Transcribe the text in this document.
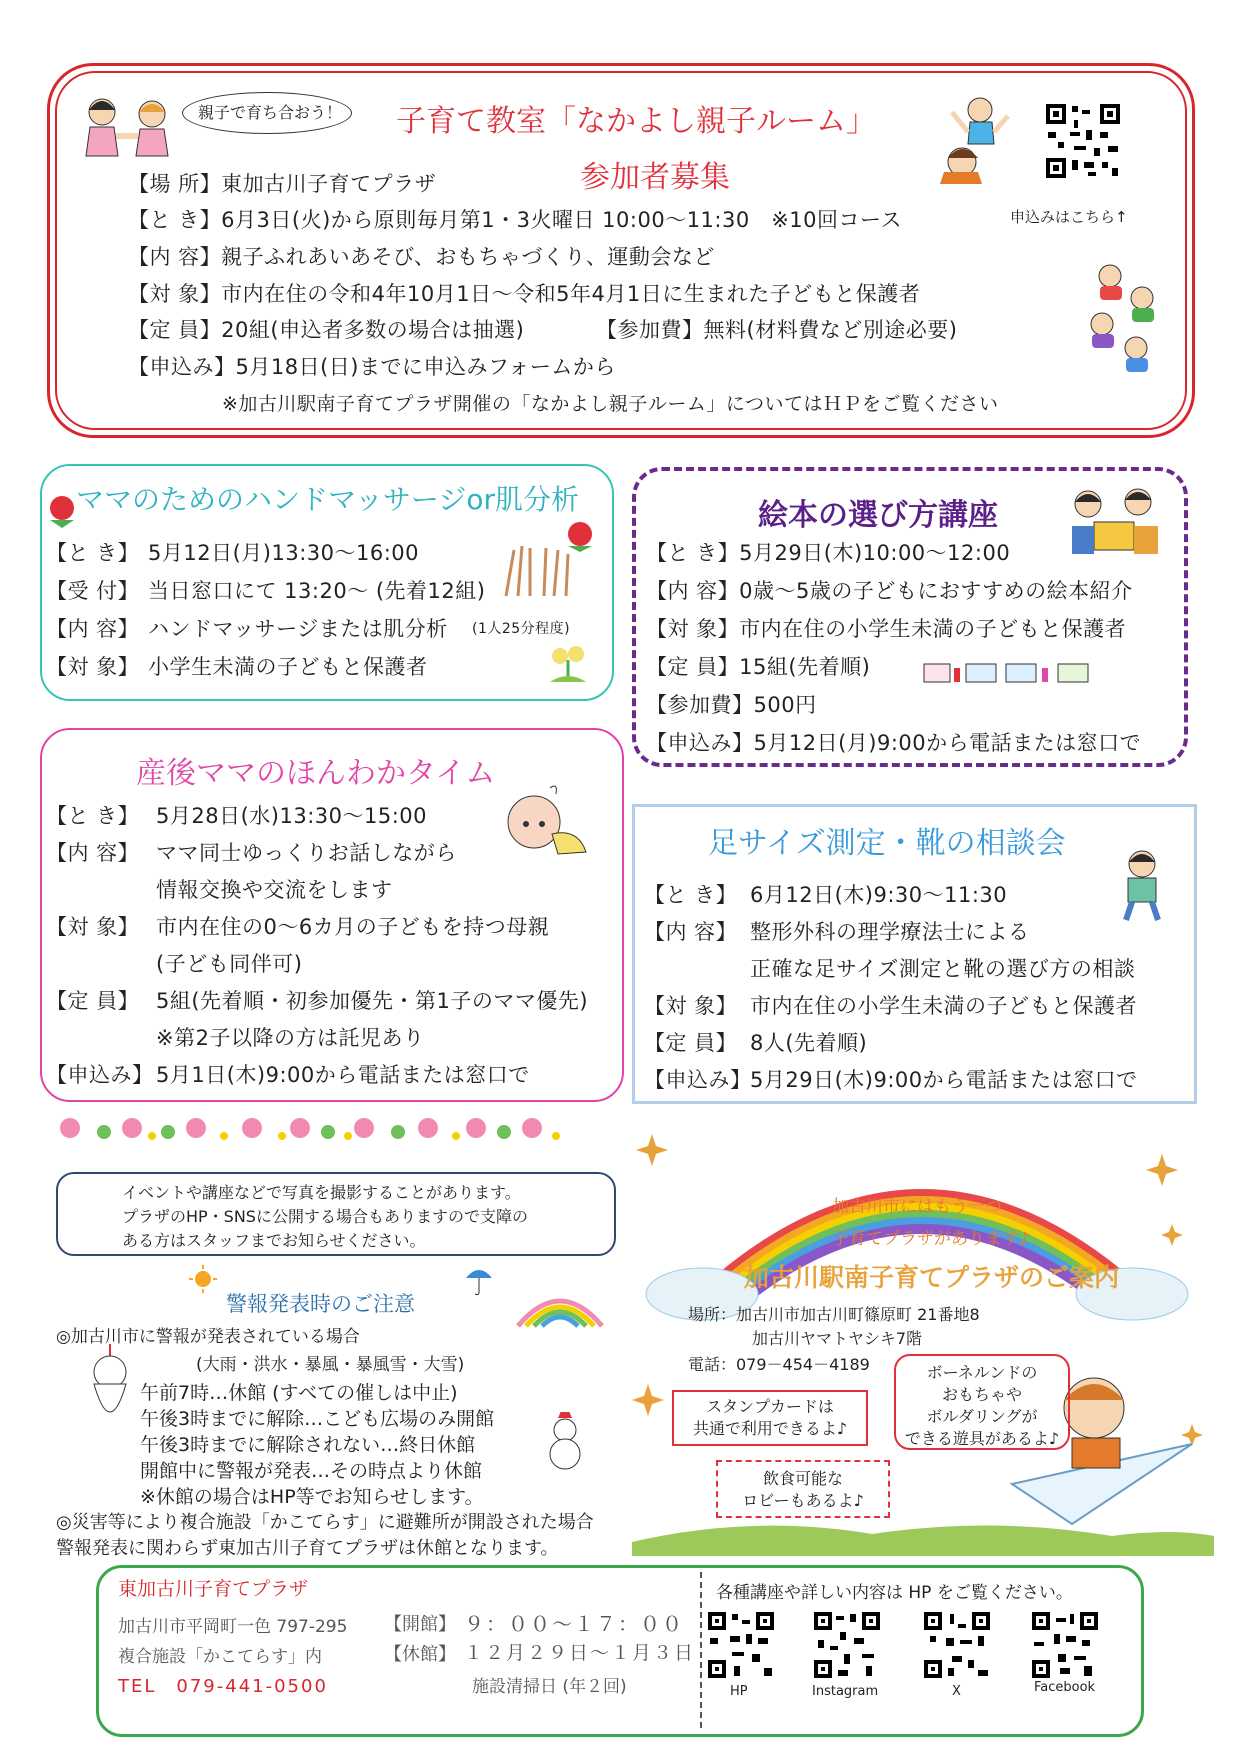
親子で育ち合おう！ 子育て教室「なかよし親子ルーム」
参加者募集
申込みはこちら↑
【場 所】東加古川子育てプラザ
【と き】6月3日(火)から原則毎月第1・3火曜日 10:00～11:30　※10回コース
【内 容】親子ふれあいあそび、おもちゃづくり、運動会など
【対 象】市内在住の令和4年10月1日～令和5年4月1日に生まれた子どもと保護者
【定 員】20組(申込者多数の場合は抽選)	【参加費】無料(材料費など別途必要)
【申込み】5月18日(日)までに申込みフォームから
※加古川駅南子育てプラザ開催の「なかよし親子ルーム」についてはＨＰをご覧ください
ママのためのハンドマッサージor肌分析
【と き】 5月12日(月)13:30～16:00
【受 付】 当日窓口にて 13:20～ (先着12組)
【内 容】 ハンドマッサージまたは肌分析 (1人25分程度)
【対 象】 小学生未満の子どもと保護者
絵本の選び方講座
【と き】5月29日(木)10:00～12:00
【内 容】0歳～5歳の子どもにおすすめの絵本紹介
【対 象】市内在住の小学生未満の子どもと保護者
【定 員】15組(先着順)
【参加費】500円
【申込み】5月12日(月)9:00から電話または窓口で
産後ママのほんわかタイム
【と き】 5月28日(水)13:30～15:00
【内 容】 ママ同士ゆっくりお話しながら
情報交換や交流をします
【対 象】 市内在住の0～6カ月の子どもを持つ母親
(子ども同伴可)
【定 員】 5組(先着順・初参加優先・第1子のママ優先)
※第2子以降の方は託児あり
【申込み】 5月1日(木)9:00から電話または窓口で
足サイズ測定・靴の相談会
【と き】 6月12日(木)9:30～11:30
【内 容】 整形外科の理学療法士による
正確な足サイズ測定と靴の選び方の相談
【対 象】 市内在住の小学生未満の子どもと保護者
【定 員】 8人(先着順)
【申込み】
5月29日(木)9:00から電話または窓口で
イベントや講座などで写真を撮影することがあります。
プラザのHP・SNSに公開する場合もありますので支障の
ある方はスタッフまでお知らせください。
警報発表時のご注意
◎加古川市に警報が発表されている場合
(大雨・洪水・暴風・暴風雪・大雪)
午前7時…休館 (すべての催しは中止)
午後3時までに解除…こども広場のみ開館
午後3時までに解除されない…終日休館
開館中に警報が発表…その時点より休館
※休館の場合はHP等でお知らせします。
◎災害等により複合施設「かこてらす」に避難所が開設された場合
警報発表に関わらず東加古川子育てプラザは休館となります。
加古川市にはもう一つ
子育てプラザがあります♪
加古川駅南子育てプラザのご案内
場所：加古川市加古川町篠原町 21番地8
加古川ヤマトヤシキ7階
電話：079－454－4189	ボーネルンドの
おもちゃや
ボルダリングが
できる遊具があるよ♪
スタンプカードは
共通で利用できるよ♪
飲食可能な
ロビーもあるよ♪
東加古川子育てプラザ
加古川市平岡町一色 797-295 【開館】 ９：００～１７：００
複合施設「かこてらす」内	【休館】 １２月２９日～１月３日
TEL　079-441-0500	施設清掃日 (年２回)
各種講座や詳しい内容は HP をご覧ください。
HP	Instagram	X	Facebook
